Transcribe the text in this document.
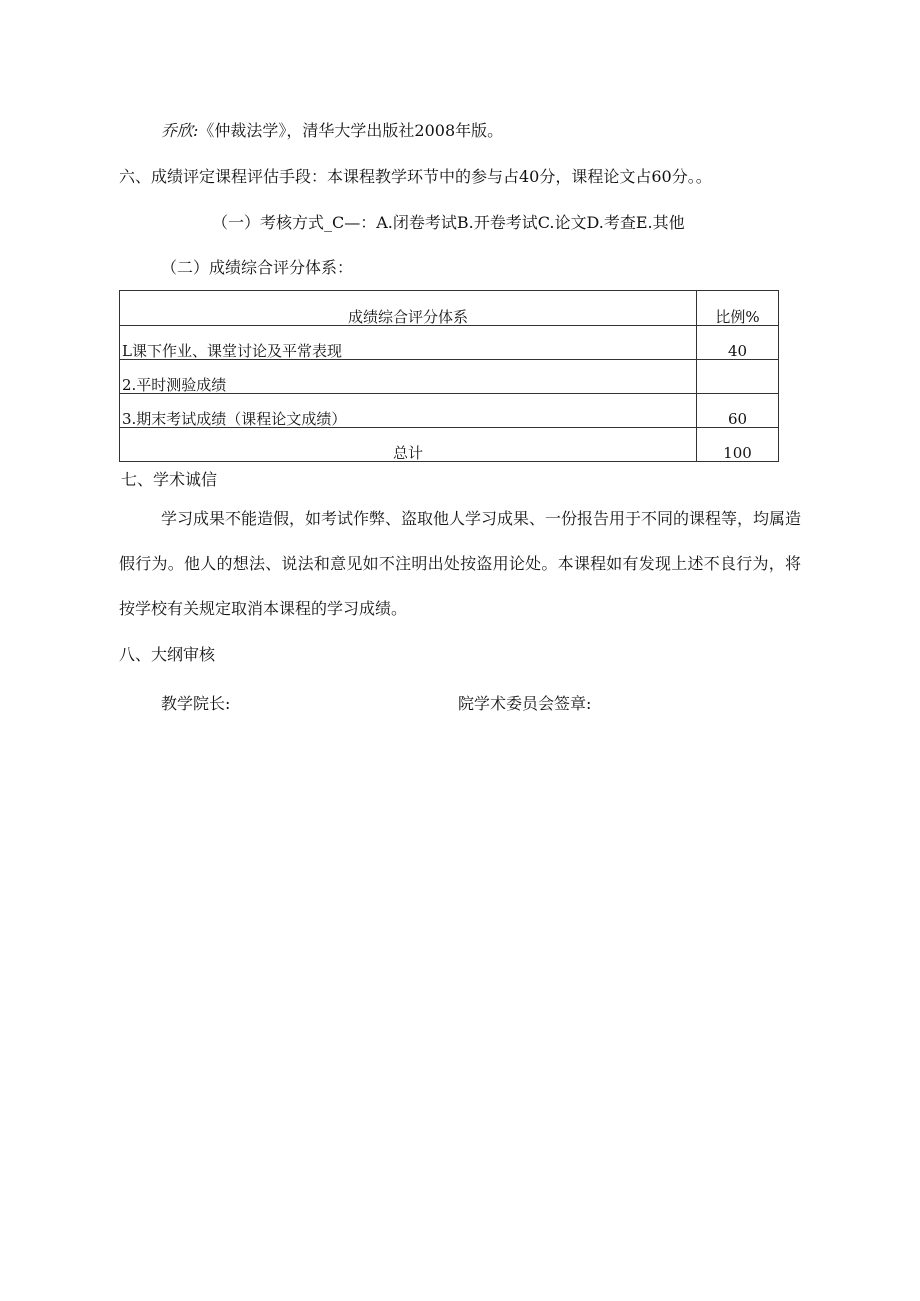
乔欣:《仲裁法学》，清华大学出版社2008年版。
六、成绩评定课程评估手段：本课程教学环节中的参与占40分，课程论文占60分。。
（一）考核方式_C—：A.闭卷考试B.开卷考试C.论文D.考查E.其他
（二）成绩综合评分体系：
成绩综合评分体系	比例%
L课下作业、课堂讨论及平常表现	40
2.平时测验成绩	
3.期末考试成绩（课程论文成绩）	60
总计	100
七、学术诚信
学习成果不能造假，如考试作弊、盗取他人学习成果、一份报告用于不同的课程等，均属造假行为。他人的想法、说法和意见如不注明出处按盗用论处。本课程如有发现上述不良行为，将按学校有关规定取消本课程的学习成绩。
八、大纲审核
教学院长:	院学术委员会签章:
